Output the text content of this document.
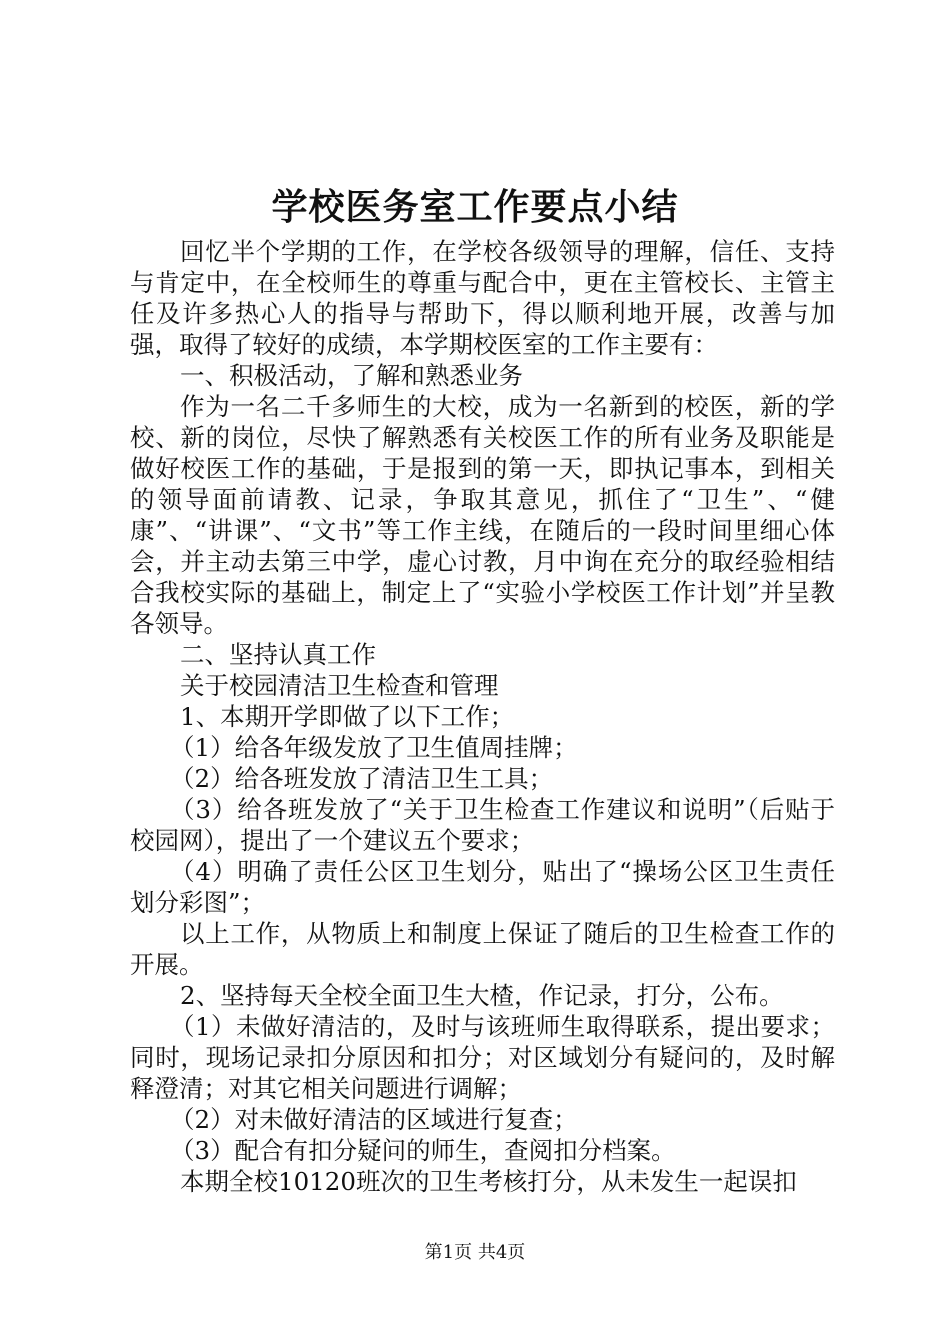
学校医务室工作要点小结

回忆半个学期的工作，在学校各级领导的理解，信任、支持与肯定中，在全校师生的尊重与配合中，更在主管校长、主管主任及许多热心人的指导与帮助下，得以顺利地开展，改善与加强，取得了较好的成绩，本学期校医室的工作主要有：

一、积极活动，了解和熟悉业务

作为一名二千多师生的大校，成为一名新到的校医，新的学校、新的岗位，尽快了解熟悉有关校医工作的所有业务及职能是做好校医工作的基础，于是报到的第一天，即执记事本，到相关的领导面前请教、记录，争取其意见，抓住了“卫生”、“健康”、“讲课”、“文书”等工作主线，在随后的一段时间里细心体会，并主动去第三中学，虚心讨教，月中询在充分的取经验相结合我校实际的基础上，制定上了“实验小学校医工作计划”并呈教各领导。

二、坚持认真工作

关于校园清洁卫生检查和管理

1、本期开学即做了以下工作；

（1）给各年级发放了卫生值周挂牌；

（2）给各班发放了清洁卫生工具；

（3）给各班发放了“关于卫生检查工作建议和说明”（后贴于校园网），提出了一个建议五个要求；

（4）明确了责任公区卫生划分，贴出了“操场公区卫生责任划分彩图”；

以上工作，从物质上和制度上保证了随后的卫生检查工作的开展。

2、坚持每天全校全面卫生大楂，作记录，打分，公布。

（1）未做好清洁的，及时与该班师生取得联系，提出要求；同时，现场记录扣分原因和扣分；对区域划分有疑问的，及时解释澄清；对其它相关问题进行调解；

（2）对未做好清洁的区域进行复查；

（3）配合有扣分疑问的师生，查阅扣分档案。

本期全校10120班次的卫生考核打分，从未发生一起误扣

第1页 共4页
